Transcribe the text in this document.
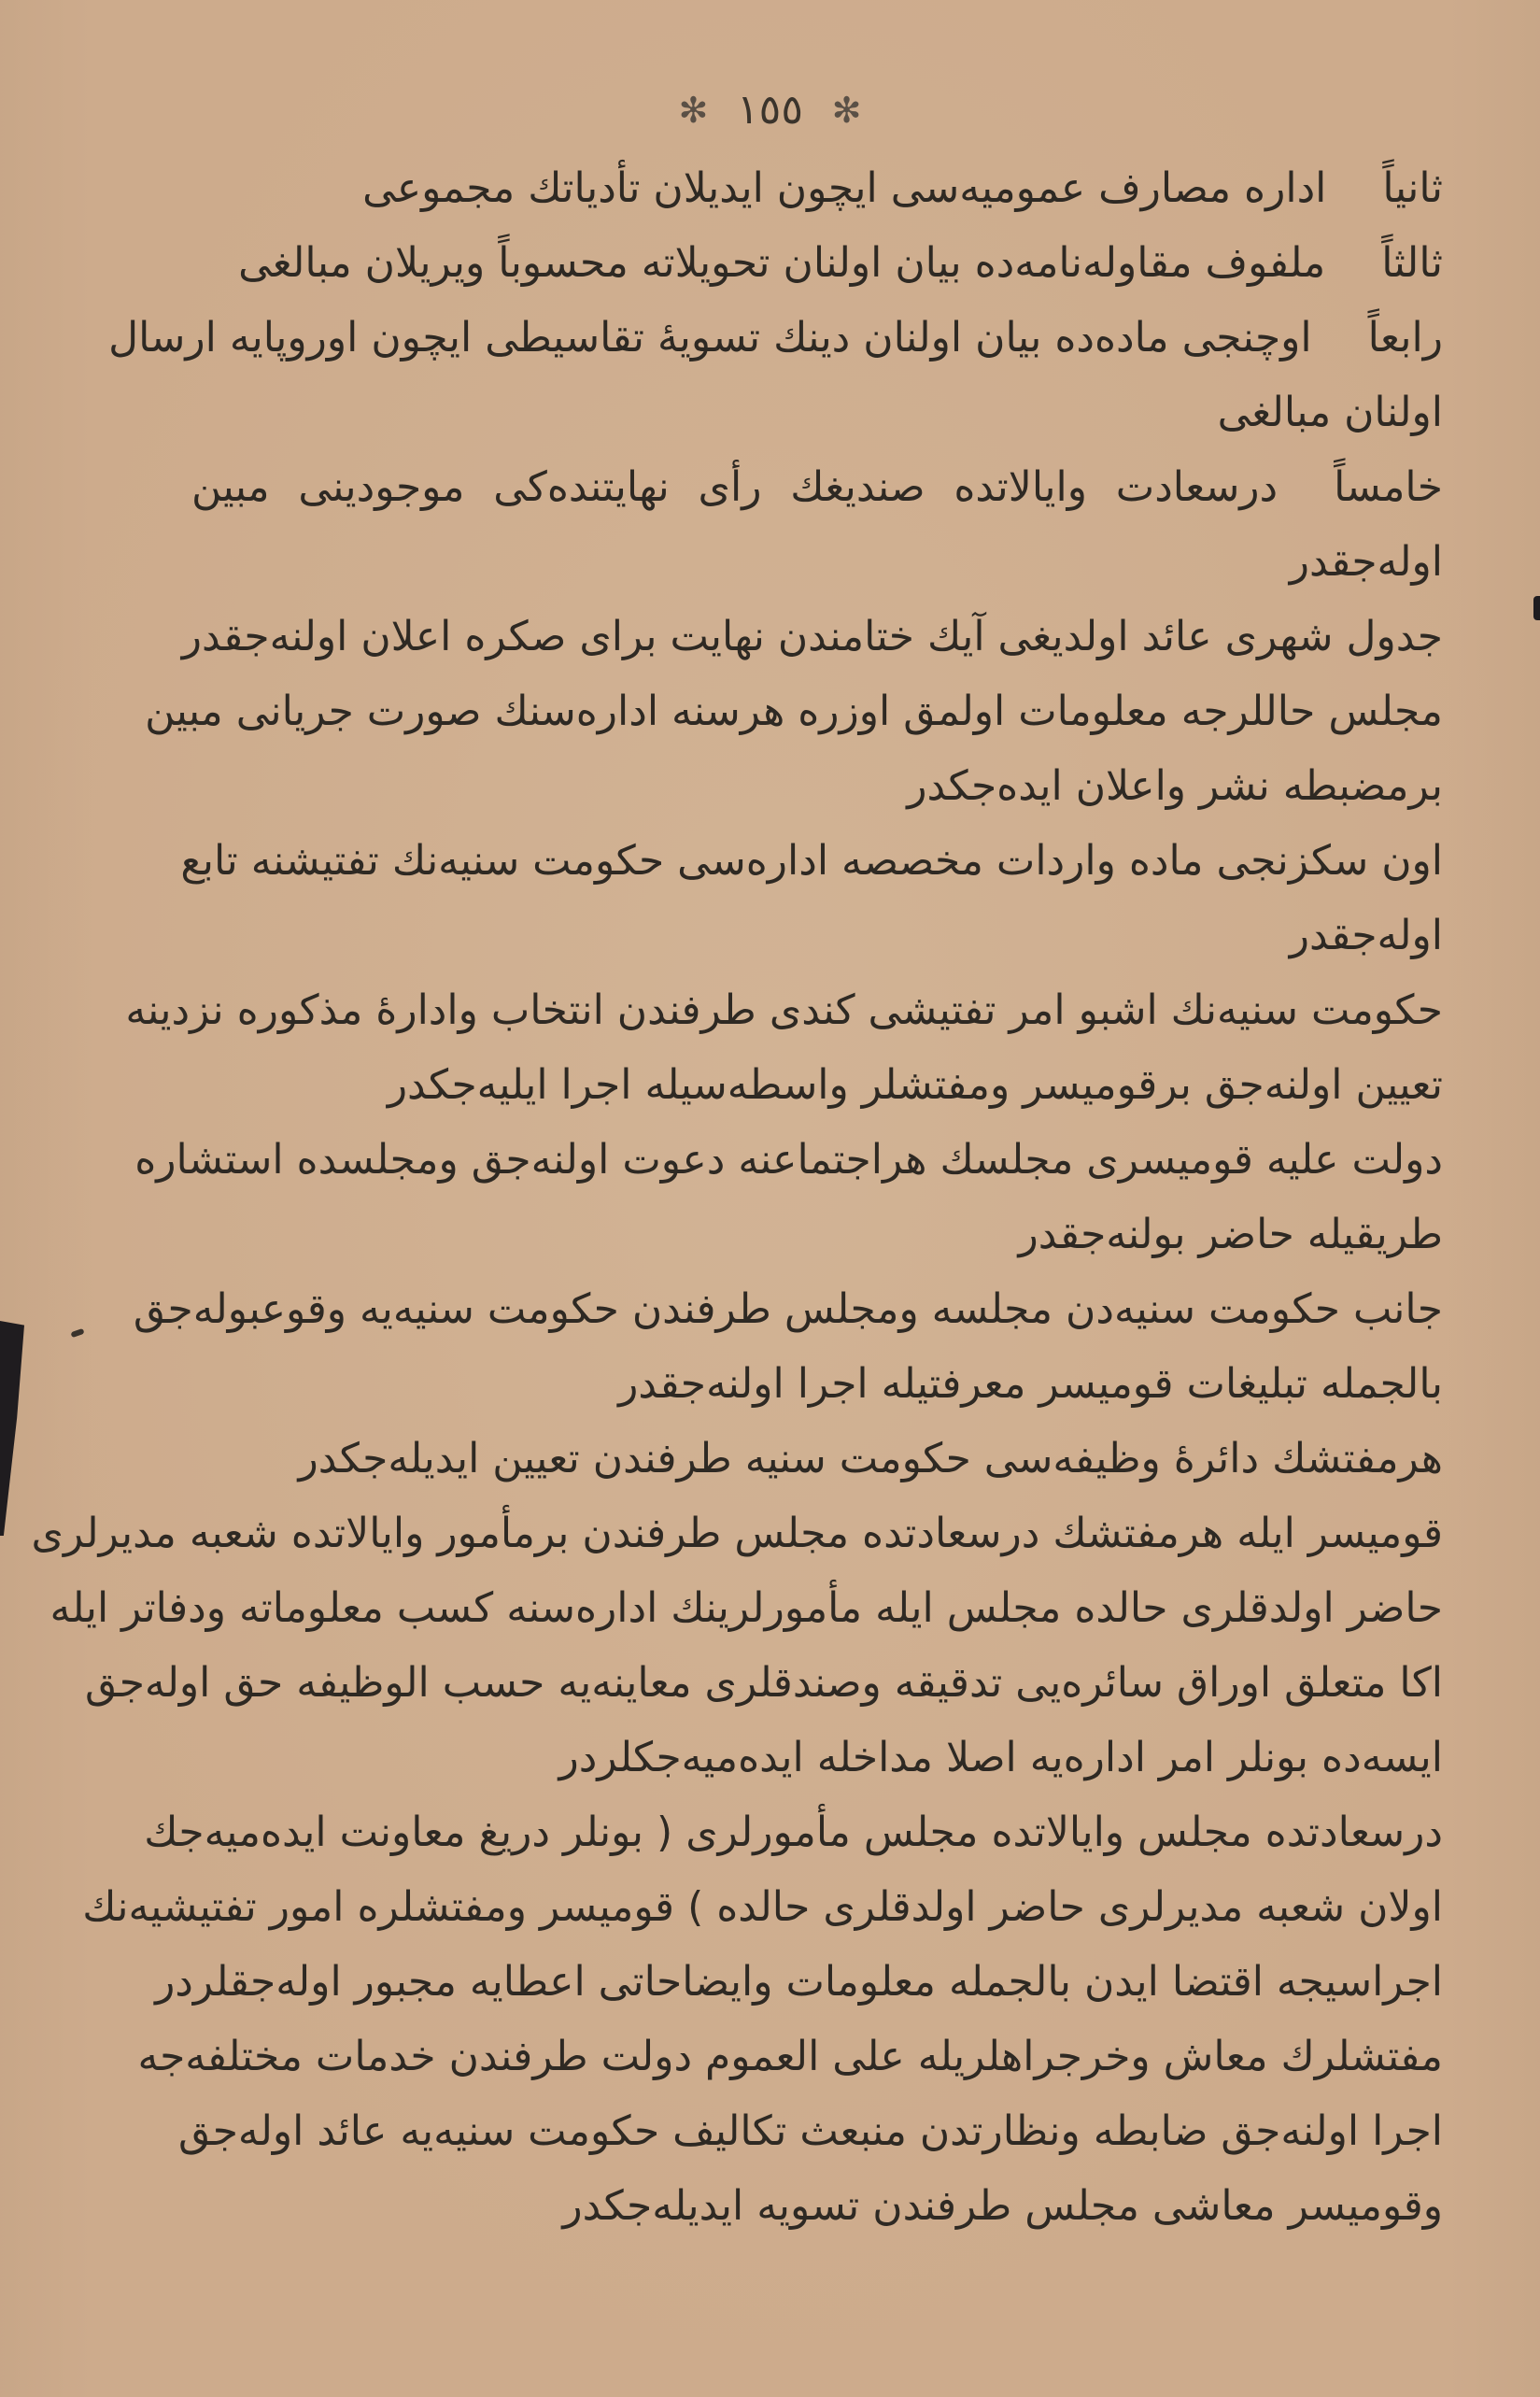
✻ ١٥٥ ✻
ثانياًاداره مصارف عموميه‌سی ایچون ایدیلان تأدیاتك مجموعی
ثالثاًملفوف مقاوله‌نامه‌ده بیان اولنان تحویلاته محسوباً ویریلان مبالغی
رابعاًاوچنجی ماده‌ده بیان اولنان دینك تسویهٔ تقاسیطی ایچون اوروپایه ارسال
اولنان مبالغی
خامساًدرسعادت وایالاتده صندیغك رأی نهایتنده‌کی موجودینی مبین
اوله‌جقدر
جدول شهری عائد اولدیغی آیك ختامندن نهایت برای صکره اعلان اولنه‌جقدر
مجلس حاللرجه معلومات اولمق اوزره هرسنه اداره‌سنك صورت جریانی مبین
برمضبطه نشر واعلان ایده‌جکدر
اون سکزنجی ماده واردات مخصصه اداره‌سی حکومت سنیه‌نك تفتیشنه تابع
اوله‌جقدر
حکومت سنیه‌نك اشبو امر تفتیشی کندی طرفندن انتخاب واداره‌ٔ مذکوره نزدینه
تعیین اولنه‌جق برقومیسر ومفتشلر واسطه‌سیله اجرا ایلیه‌جکدر
دولت علیه قومیسری مجلسك هراجتماعنه دعوت اولنه‌جق ومجلسده استشاره
طریقیله حاضر بولنه‌جقدر
جانب حکومت سنیه‌دن مجلسه ومجلس طرفندن حکومت سنیه‌یه وقوعبوله‌جق
بالجمله تبلیغات قومیسر معرفتیله اجرا اولنه‌جقدر
هرمفتشك دائره‌ٔ وظیفه‌سی حکومت سنیه طرفندن تعیین ایدیله‌جکدر
قومیسر ایله هرمفتشك درسعادتده مجلس طرفندن برمأمور وایالاتده شعبه مدیرلری
حاضر اولدقلری حالده مجلس ایله مأمورلرینك اداره‌سنه کسب معلوماته ودفاتر ایله
اکا متعلق اوراق سائره‌یی تدقیقه وصندقلری معاینه‌یه حسب الوظیفه حق اوله‌جق
ایسه‌ده بونلر امر اداره‌یه اصلا مداخله ایده‌میه‌جکلردر
درسعادتده مجلس وایالاتده مجلس مأمورلری ( بونلر دریغ معاونت ایده‌میه‌جك
اولان شعبه مدیرلری حاضر اولدقلری حالده ) قومیسر ومفتشلره امور تفتیشیه‌نك
اجراسیجه اقتضا ایدن بالجمله معلومات وایضاحاتی اعطایه مجبور اوله‌جقلردر
مفتشلرك معاش وخرجراهلریله علی العموم دولت طرفندن خدمات مختلفه‌جه
اجرا اولنه‌جق ضابطه ونظارتدن منبعث تکالیف حکومت سنیه‌یه عائد اوله‌جق
وقومیسر معاشی مجلس طرفندن تسویه ایدیله‌جکدر
